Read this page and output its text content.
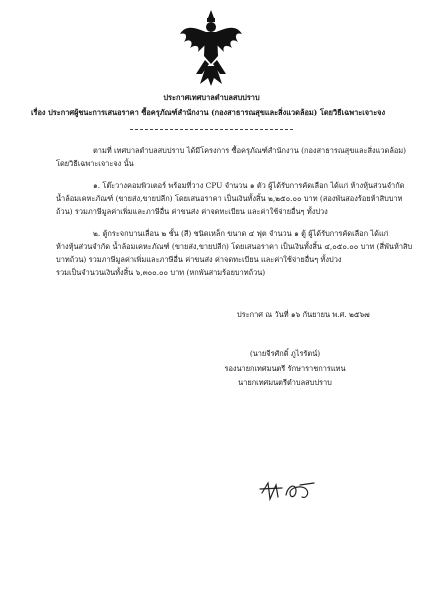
ประกาศเทศบาลตำบลสบปราบ
เรื่อง ประกาศผู้ชนะการเสนอราคา ซื้อครุภัณฑ์สำนักงาน (กองสาธารณสุขและสิ่งแวดล้อม) โดยวิธีเฉพาะเจาะจง
ตามที่ เทศบาลตำบลสบปราบ ได้มีโครงการ ซื้อครุภัณฑ์สำนักงาน (กองสาธารณสุขและสิ่งแวดล้อม)
โดยวิธีเฉพาะเจาะจง นั้น
๑. โต๊ะวางคอมพิวเตอร์ พร้อมที่วาง CPU จำนวน ๑ ตัว ผู้ได้รับการคัดเลือก ได้แก่ ห้างหุ้นส่วนจำกัด
น้ำล้อมเคหะภัณฑ์ (ขายส่ง,ขายปลีก) โดยเสนอราคา เป็นเงินทั้งสิ้น ๒,๒๕๐.๐๐ บาท (สองพันสองร้อยห้าสิบบาท
ถ้วน) รวมภาษีมูลค่าเพิ่มและภาษีอื่น ค่าขนส่ง ค่าจดทะเบียน และค่าใช้จ่ายอื่นๆ ทั้งปวง
๒. ตู้กระจกบานเลื่อน ๒ ชั้น (สี) ชนิดเหล็ก ขนาด ๔ ฟุต จำนวน ๑ ตู้ ผู้ได้รับการคัดเลือก ได้แก่
ห้างหุ้นส่วนจำกัด น้ำล้อมเคหะภัณฑ์ (ขายส่ง,ขายปลีก) โดยเสนอราคา เป็นเงินทั้งสิ้น ๔,๐๕๐.๐๐ บาท (สี่พันห้าสิบ
บาทถ้วน) รวมภาษีมูลค่าเพิ่มและภาษีอื่น ค่าขนส่ง ค่าจดทะเบียน และค่าใช้จ่ายอื่นๆ ทั้งปวง
รวมเป็นจำนวนเงินทั้งสิ้น ๖,๓๐๐.๐๐ บาท (หกพันสามร้อยบาทถ้วน)
ประกาศ ณ วันที่ ๑๖ กันยายน พ.ศ. ๒๕๖๗
(นายจีรศักดิ์ ภูไรรัตน์)
รองนายกเทศมนตรี รักษาราชการแทน
นายกเทศมนตรีตำบลสบปราบ
